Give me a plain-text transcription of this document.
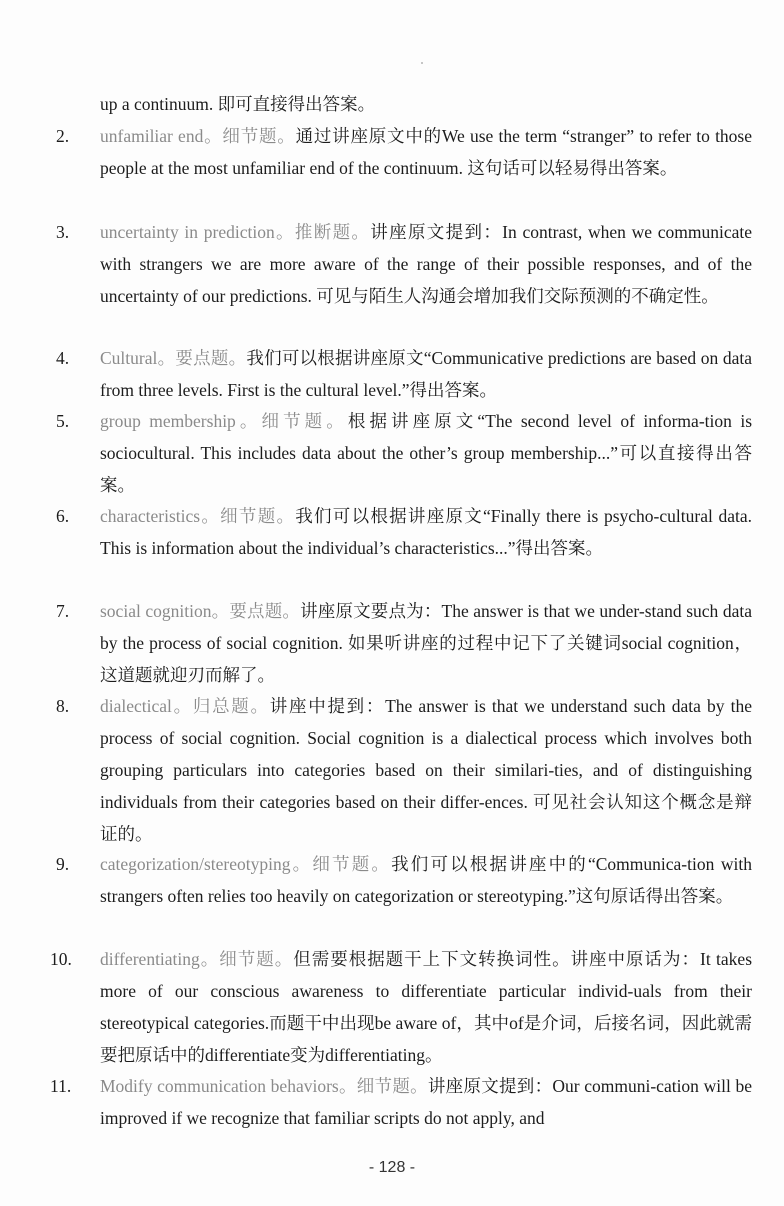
up a continuum. 即可直接得出答案。
2. unfamiliar end。细节题。通过讲座原文中的We use the term “stranger” to refer to those people at the most unfamiliar end of the continuum. 这句话可以轻易得出答案。
3. uncertainty in prediction。推断题。讲座原文提到：In contrast, when we communicate with strangers we are more aware of the range of their possible responses, and of the uncertainty of our predictions. 可见与陌生人沟通会增加我们交际预测的不确定性。
4. Cultural。要点题。我们可以根据讲座原文“Communicative predictions are based on data from three levels. First is the cultural level.”得出答案。
5. group membership。细节题。根据讲座原文“The second level of informa-tion is sociocultural. This includes data about the other’s group membership...”可以直接得出答案。
6. characteristics。细节题。我们可以根据讲座原文“Finally there is psycho-cultural data. This is information about the individual’s characteristics...”得出答案。
7. social cognition。要点题。讲座原文要点为：The answer is that we under-stand such data by the process of social cognition. 如果听讲座的过程中记下了关键词social cognition，这道题就迎刃而解了。
8. dialectical。归总题。讲座中提到：The answer is that we understand such data by the process of social cognition. Social cognition is a dialectical process which involves both grouping particulars into categories based on their similari-ties, and of distinguishing individuals from their categories based on their differ-ences. 可见社会认知这个概念是辩证的。
9. categorization/stereotyping。细节题。我们可以根据讲座中的“Communica-tion with strangers often relies too heavily on categorization or stereotyping.”这句原话得出答案。
10. differentiating。细节题。但需要根据题干上下文转换词性。讲座中原话为：It takes more of our conscious awareness to differentiate particular individ-uals from their stereotypical categories.而题干中出现be aware of，其中of是介词，后接名词，因此就需要把原话中的differentiate变为differentiating。
11. Modify communication behaviors。细节题。讲座原文提到：Our communi-cation will be improved if we recognize that familiar scripts do not apply, and
- 128 -
